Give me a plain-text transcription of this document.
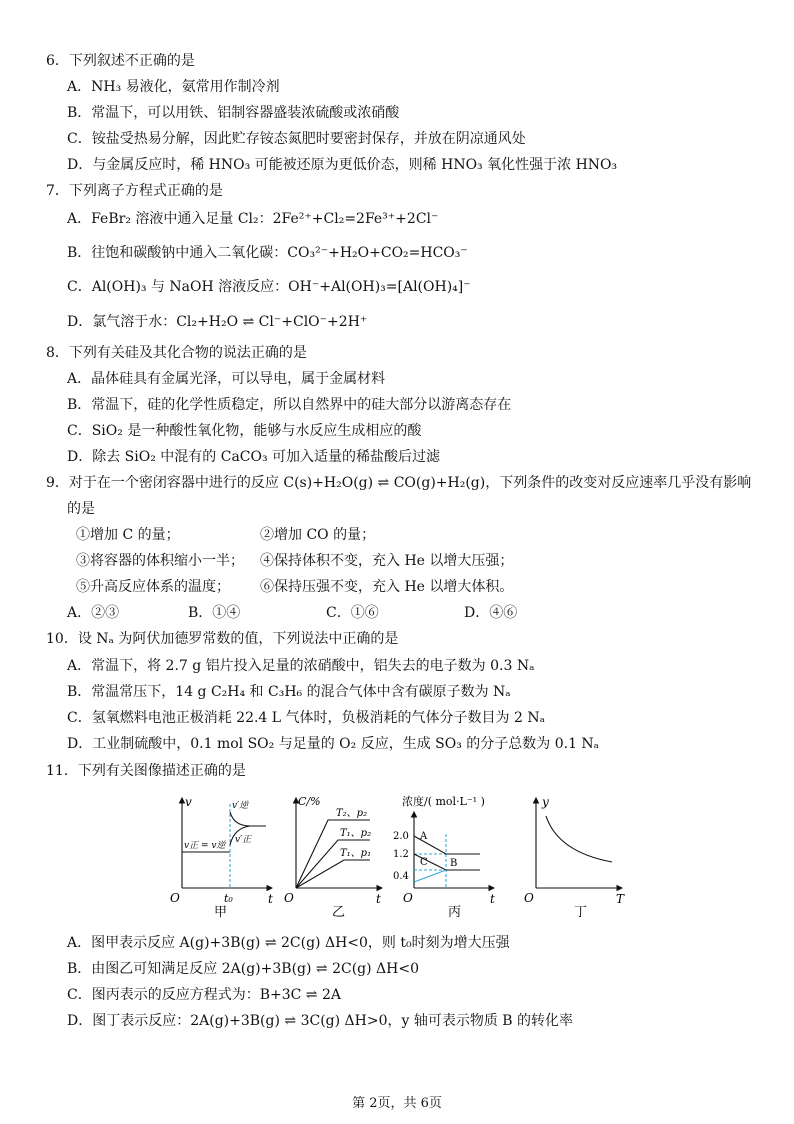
6．下列叙述不正确的是
A．NH₃ 易液化，氨常用作制冷剂
B．常温下，可以用铁、铝制容器盛装浓硫酸或浓硝酸
C．铵盐受热易分解，因此贮存铵态氮肥时要密封保存，并放在阴凉通风处
D．与金属反应时，稀 HNO₃ 可能被还原为更低价态，则稀 HNO₃ 氧化性强于浓 HNO₃
7．下列离子方程式正确的是
A．FeBr₂ 溶液中通入足量 Cl₂：2Fe²⁺+Cl₂=2Fe³⁺+2Cl⁻
B．往饱和碳酸钠中通入二氧化碳：CO₃²⁻+H₂O+CO₂=HCO₃⁻
C．Al(OH)₃ 与 NaOH 溶液反应：OH⁻+Al(OH)₃=[Al(OH)₄]⁻
D．氯气溶于水：Cl₂+H₂O ⇌ Cl⁻+ClO⁻+2H⁺
8．下列有关硅及其化合物的说法正确的是
A．晶体硅具有金属光泽，可以导电，属于金属材料
B．常温下，硅的化学性质稳定，所以自然界中的硅大部分以游离态存在
C．SiO₂ 是一种酸性氧化物，能够与水反应生成相应的酸
D．除去 SiO₂ 中混有的 CaCO₃ 可加入适量的稀盐酸后过滤
9．对于在一个密闭容器中进行的反应 C(s)+H₂O(g) ⇌ CO(g)+H₂(g)，下列条件的改变对反应速率几乎没有影响
的是
①增加 C 的量；	②增加 CO 的量；
③将容器的体积缩小一半； ④保持体积不变，充入 He 以增大压强；
⑤升高反应体系的温度； ⑥保持压强不变，充入 He 以增大体积。
A．②③	B．①④	C．①⑥	D．④⑥
10．设 Nₐ 为阿伏加德罗常数的值，下列说法中正确的是
A．常温下，将 2.7 g 铝片投入足量的浓硝酸中，铝失去的电子数为 0.3 Nₐ
B．常温常压下，14 g C₂H₄ 和 C₃H₆ 的混合气体中含有碳原子数为 Nₐ
C．氢氧燃料电池正极消耗 22.4 L 气体时，负极消耗的气体分子数目为 2 Nₐ
D．工业制硫酸中，0.1 mol SO₂ 与足量的 O₂ 反应，生成 SO₃ 的分子总数为 0.1 Nₐ
11．下列有关图像描述正确的是
v
t
O	t₀
v正 = v逆
v′逆
v′正
甲
C/%
t
O
T₂、p₂
T₁、p₂
T₁、p₁
乙
浓度/( mol·L⁻¹ )
t
O
2.0
1.2
0.4
A
B
C
丙
y
T
O
丁
A．图甲表示反应 A(g)+3B(g) ⇌ 2C(g) ΔH<0，则 t₀时刻为增大压强
B．由图乙可知满足反应 2A(g)+3B(g) ⇌ 2C(g) ΔH<0
C．图丙表示的反应方程式为：B+3C ⇌ 2A
D．图丁表示反应：2A(g)+3B(g) ⇌ 3C(g) ΔH>0，y 轴可表示物质 B 的转化率
第 2页，共 6页
